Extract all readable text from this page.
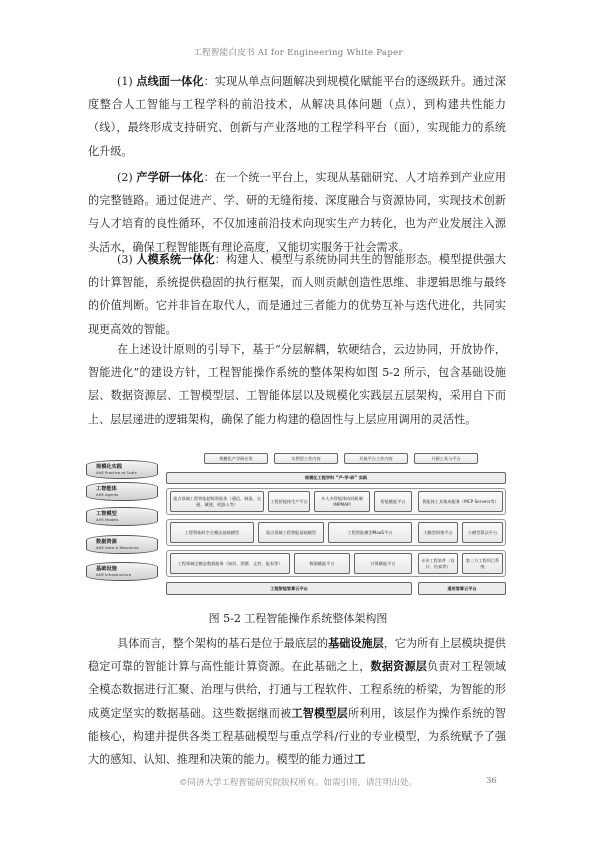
工程智能白皮书 AI for Engineering White Paper

(1) 点线面一体化：实现从单点问题解决到规模化赋能平台的逐级跃升。通过深度整合人工智能与工程学科的前沿技术，从解决具体问题（点），到构建共性能力（线），最终形成支持研究、创新与产业落地的工程学科平台（面），实现能力的系统化升级。

(2) 产学研一体化：在一个统一平台上，实现从基础研究、人才培养到产业应用的完整链路。通过促进产、学、研的无缝衔接、深度融合与资源协同，实现技术创新与人才培育的良性循环，不仅加速前沿技术向现实生产力转化，也为产业发展注入源头活水，确保工程智能既有理论高度，又能切实服务于社会需求。

(3) 人模系统一体化：构建人、模型与系统协同共生的智能形态。模型提供强大的计算智能，系统提供稳固的执行框架，而人则贡献创造性思维、非逻辑思维与最终的价值判断。它并非旨在取代人，而是通过三者能力的优势互补与迭代进化，共同实现更高效的智能。

在上述设计原则的引导下，基于“分层解耦，软硬结合，云边协同，开放协作，智能进化”的建设方针，工程智能操作系统的整体架构如图 5-2 所示，包含基础设施层、数据资源层、工智模型层、工智能体层以及规模化实践层五层架构，采用自下而上、层层递进的逻辑架构，确保了能力构建的稳固性与上层应用调用的灵活性。

规模化实践
AHE Practice at Scale
工智能体
AHE Agents
工智模型
AHE Models
数据资源
AHE Data & Resources
基础设施
AHE Infrastructure
规模化产学研应用	实例型工作内容	开放平台工作内容	开源工具与平台
规模化工程学科 “产-学-研” 实践
重点领域工程智能超级智能体（通信、制造、交通、城建、机器人等）
工程智能体生产平台
多人多智能体协同机制（MPMAP）
智能赋能平台	智能体工具集成服务（MCP Servers等）
工程智能时空全模态基础模型	重点领域工程智能基础模型	工程智能模型MaaS平台	大模型训推平台	小模型算法平台
工程领域全模态数据服务（知识、图谱、文档、报表等）	数据赋能平台	计算赋能平台
专业工程软件（设计、仿真等）
第三方工程项目系统
工程智能智算云平台	通用智算云平台
图 5-2 工程智能操作系统整体架构图

具体而言，整个架构的基石是位于最底层的基础设施层，它为所有上层模块提供稳定可靠的智能计算与高性能计算资源。在此基础之上，数据资源层负责对工程领域全模态数据进行汇聚、治理与供给，打通与工程软件、工程系统的桥梁，为智能的形成奠定坚实的数据基础。这些数据继而被工智模型层所利用，该层作为操作系统的智能核心，构建并提供各类工程基础模型与重点学科/行业的专业模型，为系统赋予了强大的感知、认知、推理和决策的能力。模型的能力通过工

©同济大学工程智能研究院版权所有。如需引用，请注明出处。	36
